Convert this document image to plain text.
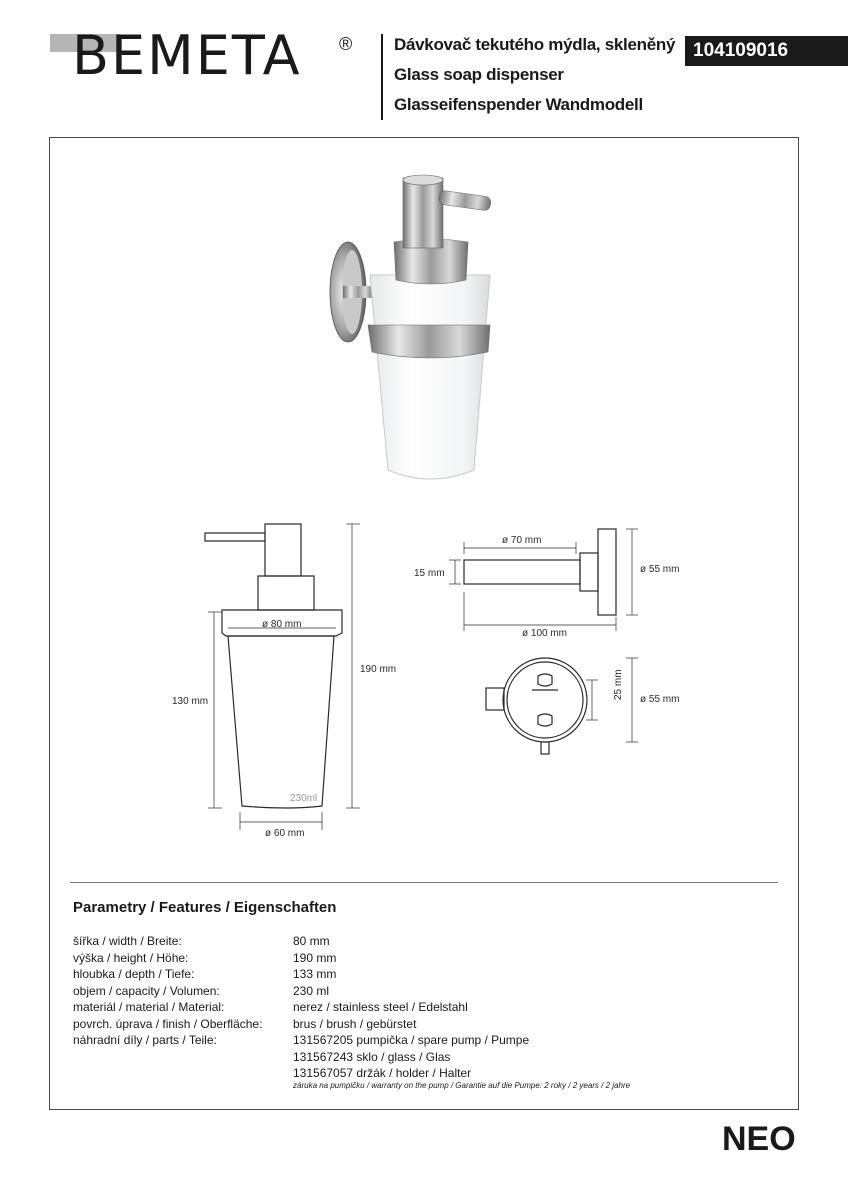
BEMETA ® Dávkovač tekutého mýdla, skleněný
Glass soap dispenser
Glasseifenspender Wandmodell
104109016
ø 80 mm
190 mm
130 mm
ø 60 mm
230ml
ø 70 mm
15 mm
ø 100 mm
ø 55 mm
25 mm ø 55 mm
Parametry / Features / Eigenschaften
šířka / width / Breite:	80 mm
výška / height / Höhe:	190 mm
hloubka / depth / Tiefe:	133 mm
objem / capacity / Volumen:	230 ml
materiál / material / Material:	nerez / stainless steel / Edelstahl
povrch. úprava / finish / Oberfläche:	brus / brush / gebürstet
náhradní díly / parts / Teile:	131567205 pumpička / spare pump / Pumpe
131567243 sklo / glass / Glas
131567057 držák / holder / Halter
záruka na pumpičku / warranty on the pump / Garantie auf die Pumpe: 2 roky / 2 years / 2 jahre
NEO
